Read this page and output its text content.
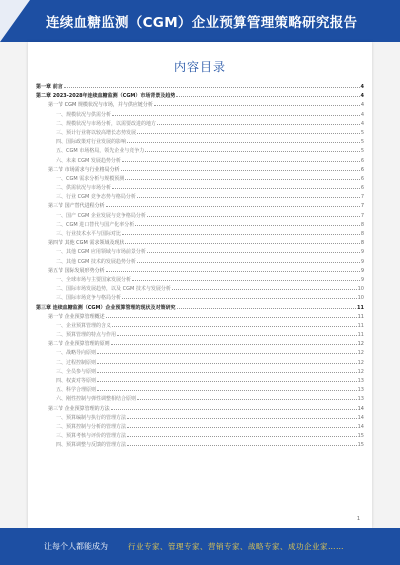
连续血糖监测（CGM）企业预算管理策略研究报告
内容目录
第一章 前言	4
第二章 2023-2028年连续血糖监测（CGM）市场背景及趋势	4
第一节 CGM 规模状况与市场，并与供应链分析	4
一、规模状况与供需分析	4
二、规模状况与市场分析，以需要改进的地方	4
三、预计行业将以较高增长态势发展	5
四、国际政策对行业发展的影响	5
五、CGM 市场格局，领先企业与竞争力	5
六、未来 CGM 发展趋势分析	6
第二节 市场需求与行业格局分析	6
一、CGM 需求分析与规模预测	6
二、供需状况与市场分析	6
三、行业 CGM 竞争态势与格局分析	7
第三节 国产替代进程分析	7
一、国产 CGM 企业发展与竞争格局分析	7
二、CGM 进口替代与国产化率分析	8
三、行业技术水平与国际对比	8
第四节 其他 CGM 需求领域及现状	8
一、其他 CGM 应用领域与市场前景分析	9
二、其他 CGM 技术的发展趋势分析	9
第五节 国际发展形势分析	9
一、全球市场与主要国家发展分析	9
二、国际市场发展趋势，以及 CGM 技术与发展分析	10
三、国际市场竞争与格局分析	10
第三章 连续血糖监测（CGM）企业预算管理的现状及对策研究	11
第一节 企业预算管理概述	11
一、企业预算管理的含义	11
二、预算管理的特点与作用	11
第二节 企业预算管理的原则	12
一、战略导向原则	12
二、过程控制原则	12
三、全员参与原则	12
四、权责对等原则	13
五、科学合理原则	13
六、刚性控制与弹性调整相结合原则	13
第三节 企业预算管理的方法	14
一、预算编制与执行的管理方法	14
二、预算控制与分析的管理方法	14
三、预算考核与评价的管理方法	15
四、预算调整与反馈的管理方法	15
1
让每个人都能成为	行业专家、管理专家、营销专家、战略专家、成功企业家……
